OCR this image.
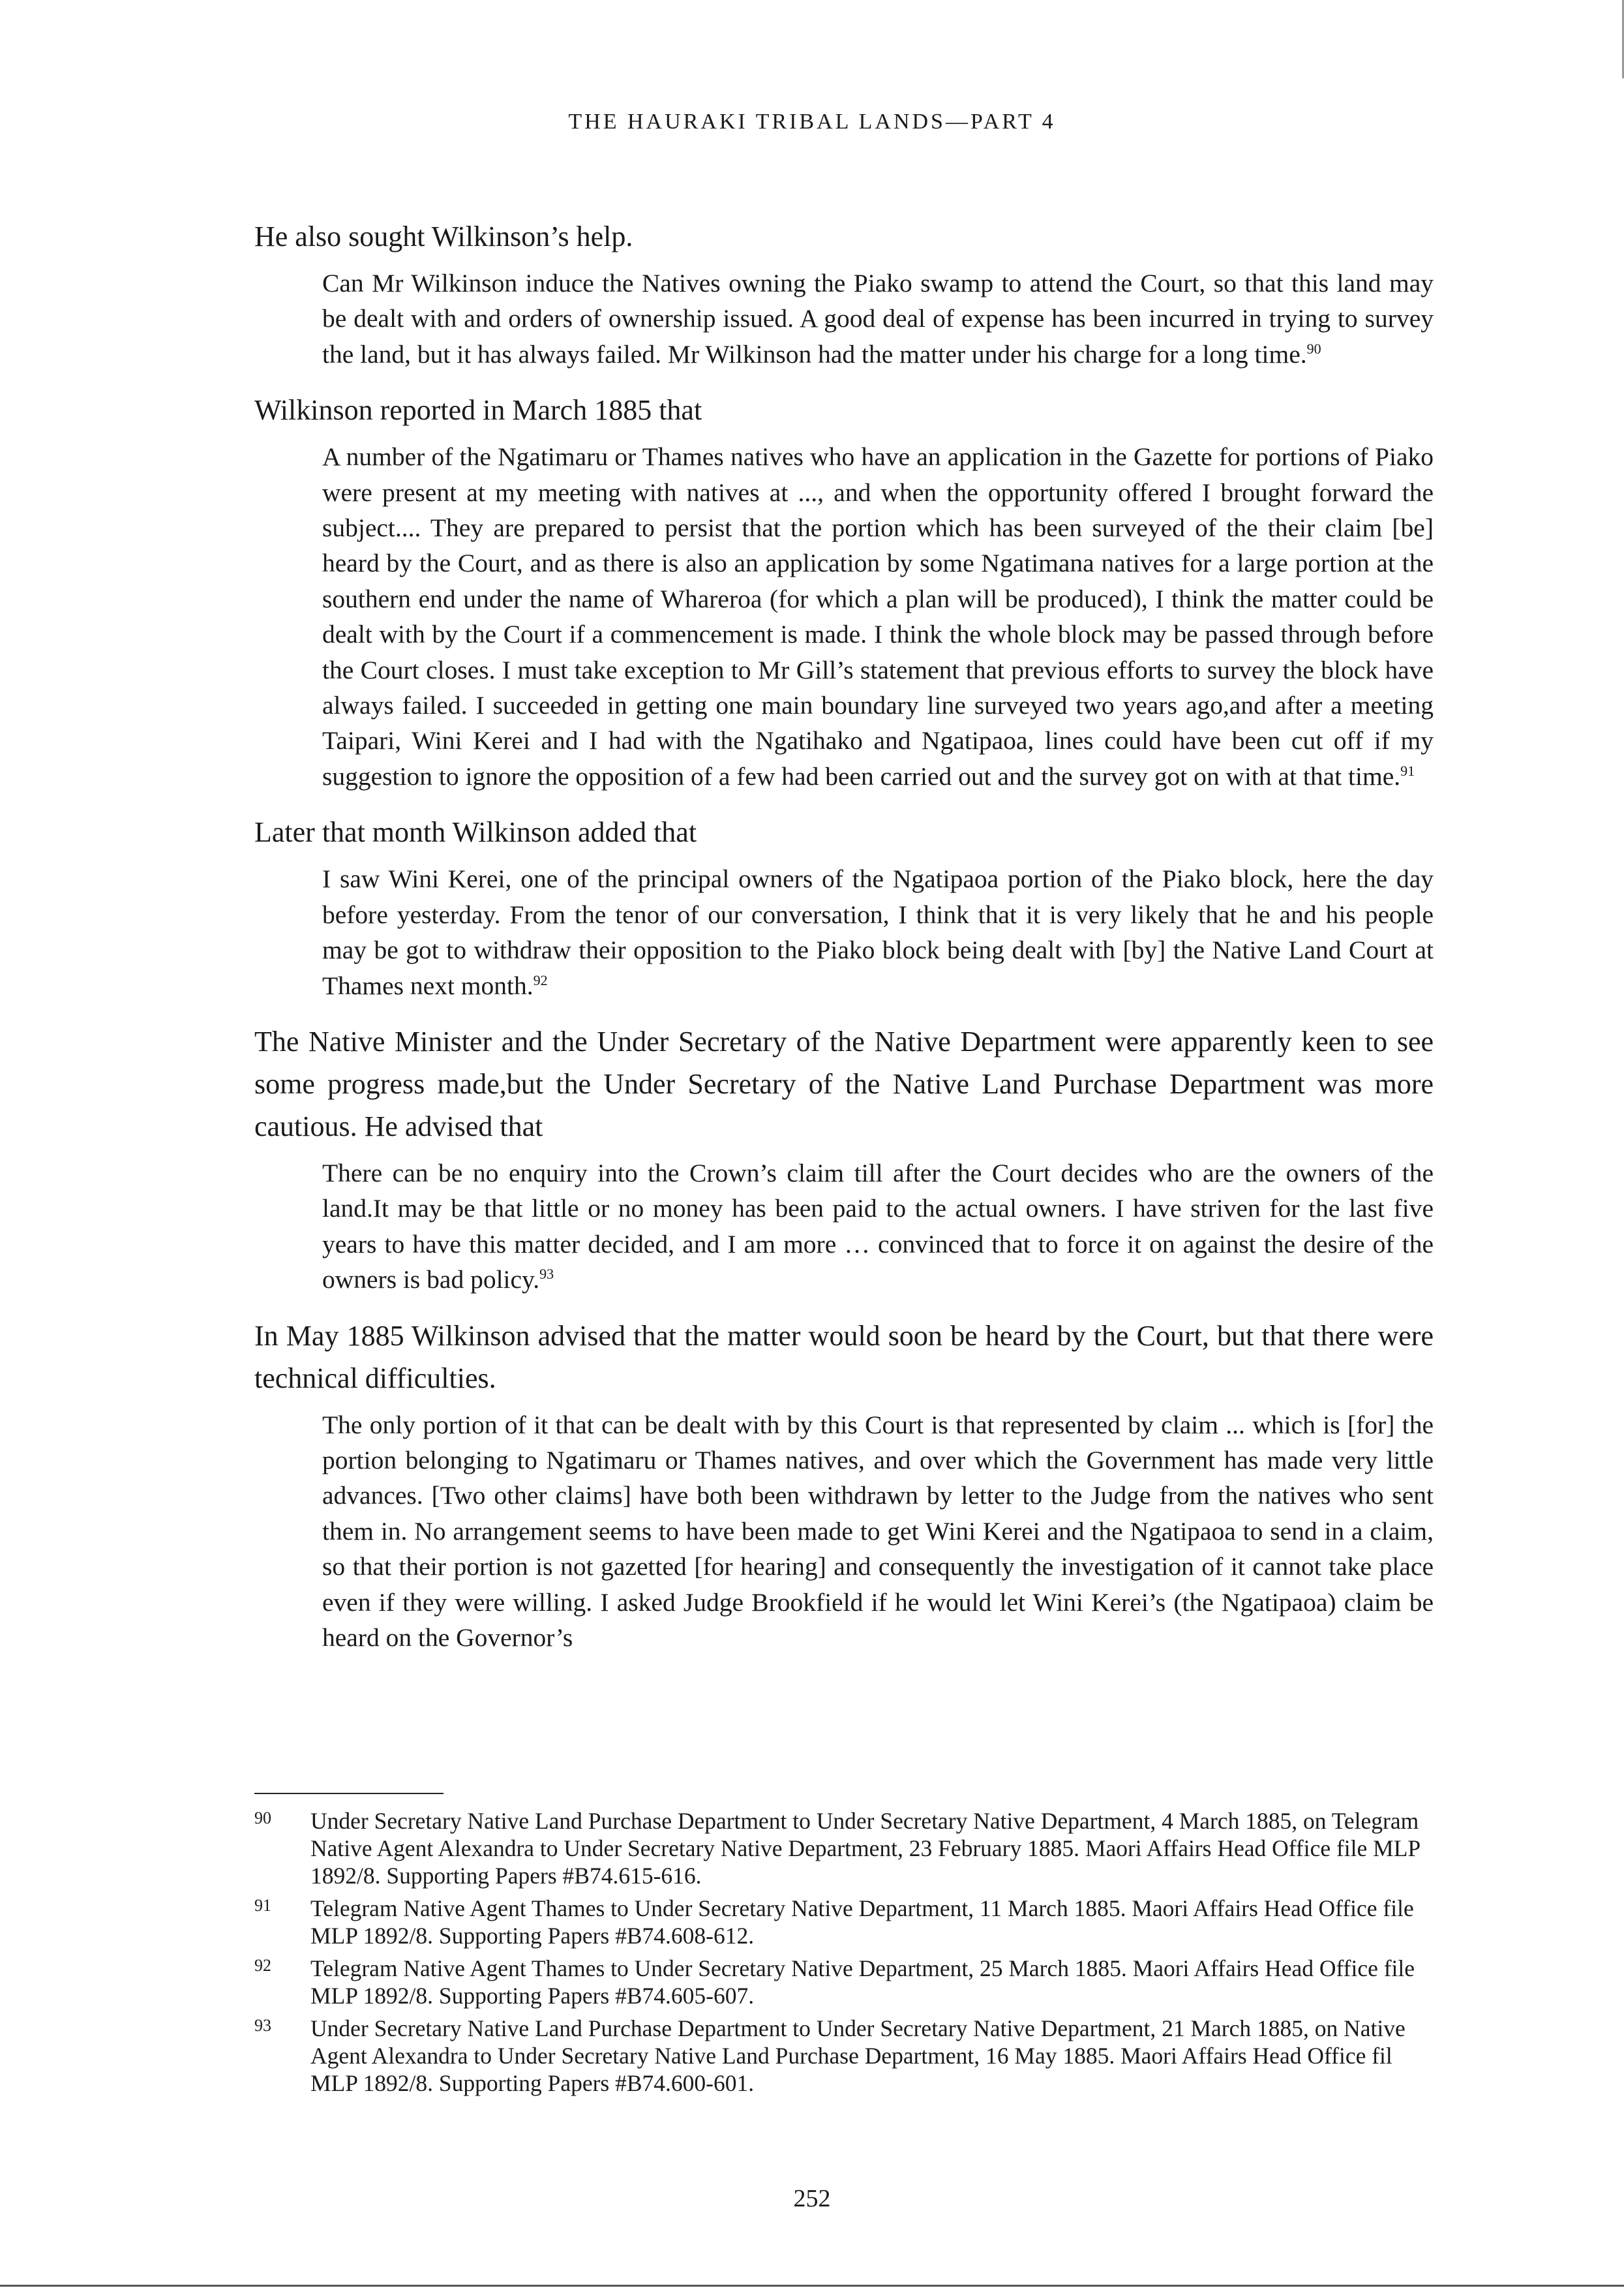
THE HAURAKI TRIBAL LANDS—PART 4

He also sought Wilkinson’s help.

Can Mr Wilkinson induce the Natives owning the Piako swamp to attend the Court, so that this land may be dealt with and orders of ownership issued. A good deal of expense has been incurred in trying to survey the land, but it has always failed. Mr Wilkinson had the matter under his charge for a long time.$^{90}$

Wilkinson reported in March 1885 that

A number of the Ngatimaru or Thames natives who have an application in the Gazette for portions of Piako were present at my meeting with natives at ..., and when the opportunity offered I brought forward the subject.... They are prepared to persist that the portion which has been surveyed of the their claim [be] heard by the Court, and as there is also an application by some Ngatimana natives for a large portion at the southern end under the name of Whareroa (for which a plan will be produced), I think the matter could be dealt with by the Court if a commencement is made. I think the whole block may be passed through before the Court closes. I must take exception to Mr Gill’s statement that previous efforts to survey the block have always failed. I succeeded in getting one main boundary line surveyed two years ago,and after a meeting Taipari, Wini Kerei and I had with the Ngatihako and Ngatipaoa, lines could have been cut off if my suggestion to ignore the opposition of a few had been carried out and the survey got on with at that time.$^{91}$

Later that month Wilkinson added that

I saw Wini Kerei, one of the principal owners of the Ngatipaoa portion of the Piako block, here the day before yesterday. From the tenor of our conversation, I think that it is very likely that he and his people may be got to withdraw their opposition to the Piako block being dealt with [by] the Native Land Court at Thames next month.$^{92}$

The Native Minister and the Under Secretary of the Native Department were apparently keen to see some progress made,but the Under Secretary of the Native Land Purchase Department was more cautious. He advised that

There can be no enquiry into the Crown’s claim till after the Court decides who are the owners of the land.It may be that little or no money has been paid to the actual owners. I have striven for the last five years to have this matter decided, and I am more … convinced that to force it on against the desire of the owners is bad policy.$^{93}$

In May 1885 Wilkinson advised that the matter would soon be heard by the Court, but that there were technical difficulties.

The only portion of it that can be dealt with by this Court is that represented by claim ... which is [for] the portion belonging to Ngatimaru or Thames natives, and over which the Government has made very little advances. [Two other claims] have both been withdrawn by letter to the Judge from the natives who sent them in. No arrangement seems to have been made to get Wini Kerei and the Ngatipaoa to send in a claim, so that their portion is not gazetted [for hearing] and consequently the investigation of it cannot take place even if they were willing. I asked Judge Brookfield if he would let Wini Kerei’s (the Ngatipaoa) claim be heard on the Governor’s
90	Under Secretary Native Land Purchase Department to Under Secretary Native Department, 4 March 1885, on Telegram Native Agent Alexandra to Under Secretary Native Department, 23 February 1885. Maori Affairs Head Office file MLP 1892/8. Supporting Papers #B74.615-616.
91	Telegram Native Agent Thames to Under Secretary Native Department, 11 March 1885. Maori Affairs Head Office file MLP 1892/8. Supporting Papers #B74.608-612.
92	Telegram Native Agent Thames to Under Secretary Native Department, 25 March 1885. Maori Affairs Head Office file MLP 1892/8. Supporting Papers #B74.605-607.
93	Under Secretary Native Land Purchase Department to Under Secretary Native Department, 21 March 1885, on Native Agent Alexandra to Under Secretary Native Land Purchase Department, 16 May 1885. Maori Affairs Head Office fil MLP 1892/8. Supporting Papers #B74.600-601.
252
